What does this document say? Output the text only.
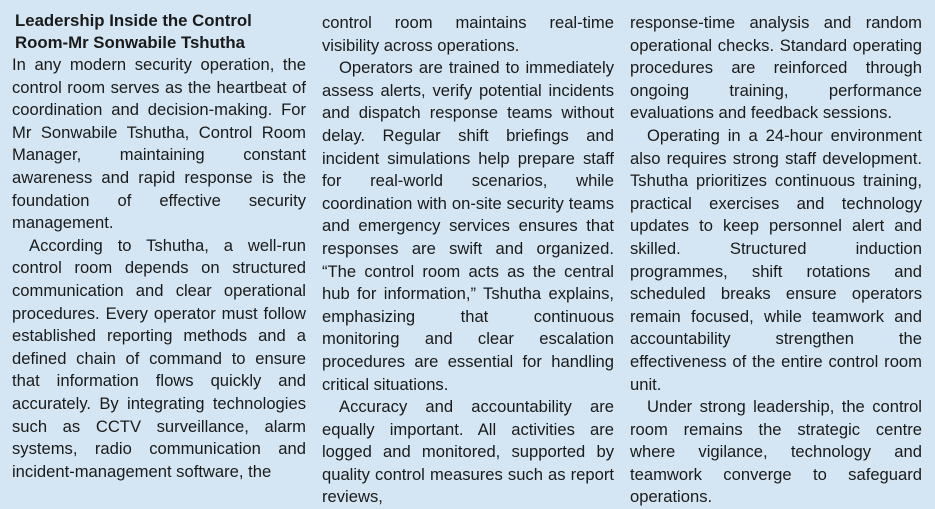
Leadership Inside the Control
Room-Mr Sonwabile Tshutha

In any modern security operation, the control room serves as the heartbeat of coordination and decision-making. For Mr Sonwabile Tshutha, Control Room Manager, maintaining constant awareness and rapid response is the foundation of effective security management.

According to Tshutha, a well-run control room depends on structured communication and clear operational procedures. Every operator must follow established reporting methods and a defined chain of command to ensure that information flows quickly and accurately. By integrating technologies such as CCTV surveillance, alarm systems, radio communication and incident-management software, the

control room maintains real-time visibility across operations.

Operators are trained to immediately assess alerts, verify potential incidents and dispatch response teams without delay. Regular shift briefings and incident simulations help prepare staff for real-world scenarios, while coordination with on-site security teams and emergency services ensures that responses are swift and organized. “The control room acts as the central hub for information,” Tshutha explains, emphasizing that continuous monitoring and clear escalation procedures are essential for handling critical situations.

Accuracy and accountability are equally important. All activities are logged and monitored, supported by quality control measures such as report reviews,

response-time analysis and random operational checks. Standard operating procedures are reinforced through ongoing training, performance evaluations and feedback sessions.

Operating in a 24-hour environment also requires strong staff development. Tshutha prioritizes continuous training, practical exercises and technology updates to keep personnel alert and skilled. Structured induction programmes, shift rotations and scheduled breaks ensure operators remain focused, while teamwork and accountability strengthen the effectiveness of the entire control room unit.

Under strong leadership, the control room remains the strategic centre where vigilance, technology and teamwork converge to safeguard operations.
